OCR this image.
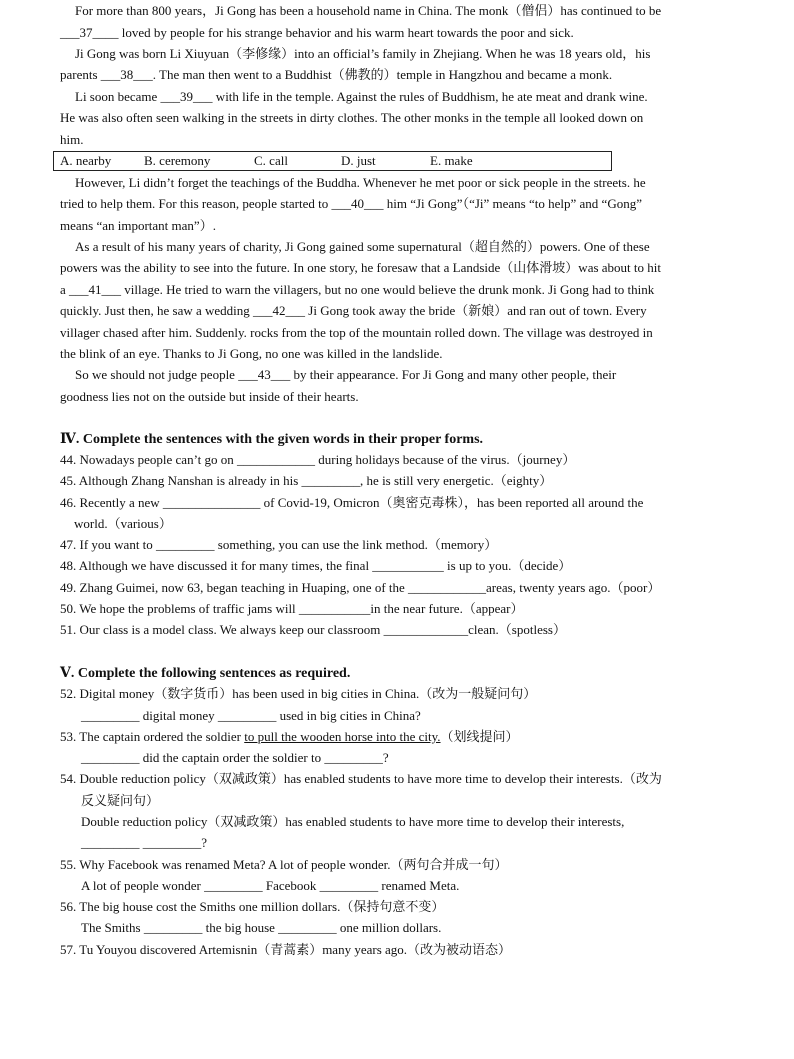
For more than 800 years，Ji Gong has been a household name in China. The monk（僧侣）has continued to be
___37____ loved by people for his strange behavior and his warm heart towards the poor and sick.
Ji Gong was born Li Xiuyuan（李修缘）into an official’s family in Zhejiang. When he was 18 years old，his
parents ___38___. The man then went to a Buddhist（佛教的）temple in Hangzhou and became a monk.
Li soon became ___39___ with life in the temple. Against the rules of Buddhism, he ate meat and drank wine.
He was also often seen walking in the streets in dirty clothes. The other monks in the temple all looked down on
him.
A. nearby	B. ceremony	C. call	D. just	E. make
However, Li didn’t forget the teachings of the Buddha. Whenever he met poor or sick people in the streets. he
tried to help them. For this reason, people started to ___40___ him “Ji Gong”（“Ji” means “to help” and “Gong”
means “an important man”）.
As a result of his many years of charity, Ji Gong gained some supernatural（超自然的）powers. One of these
powers was the ability to see into the future. In one story, he foresaw that a Landside（山体滑坡）was about to hit
a ___41___ village. He tried to warn the villagers, but no one would believe the drunk monk. Ji Gong had to think
quickly. Just then, he saw a wedding ___42___ Ji Gong took away the bride（新娘）and ran out of town. Every
villager chased after him. Suddenly. rocks from the top of the mountain rolled down. The village was destroyed in
the blink of an eye. Thanks to Ji Gong, no one was killed in the landslide.
So we should not judge people ___43___ by their appearance. For Ji Gong and many other people, their
goodness lies not on the outside but inside of their hearts.
Ⅳ. Complete the sentences with the given words in their proper forms.
44. Nowadays people can’t go on ____________ during holidays because of the virus.（journey）
45. Although Zhang Nanshan is already in his _________, he is still very energetic.（eighty）
46. Recently a new _______________ of Covid-19, Omicron（奥密克毒株），has been reported all around the
world.（various）
47. If you want to _________ something, you can use the link method.（memory）
48. Although we have discussed it for many times, the final ___________ is up to you.（decide）
49. Zhang Guimei, now 63, began teaching in Huaping, one of the ____________areas, twenty years ago.（poor）
50. We hope the problems of traffic jams will ___________in the near future.（appear）
51. Our class is a model class. We always keep our classroom _____________clean.（spotless）
Ⅴ. Complete the following sentences as required.
52. Digital money（数字货币）has been used in big cities in China.（改为一般疑问句）
_________ digital money _________ used in big cities in China?
53. The captain ordered the soldier to pull the wooden horse into the city.（划线提问）
_________ did the captain order the soldier to _________?
54. Double reduction policy（双减政策）has enabled students to have more time to develop their interests.（改为
反义疑问句）
Double reduction policy（双减政策）has enabled students to have more time to develop their interests,
_________ _________?
55. Why Facebook was renamed Meta? A lot of people wonder.（两句合并成一句）
A lot of people wonder _________ Facebook _________ renamed Meta.
56. The big house cost the Smiths one million dollars.（保持句意不变）
The Smiths _________ the big house _________ one million dollars.
57. Tu Youyou discovered Artemisnin（青蒿素）many years ago.（改为被动语态）
